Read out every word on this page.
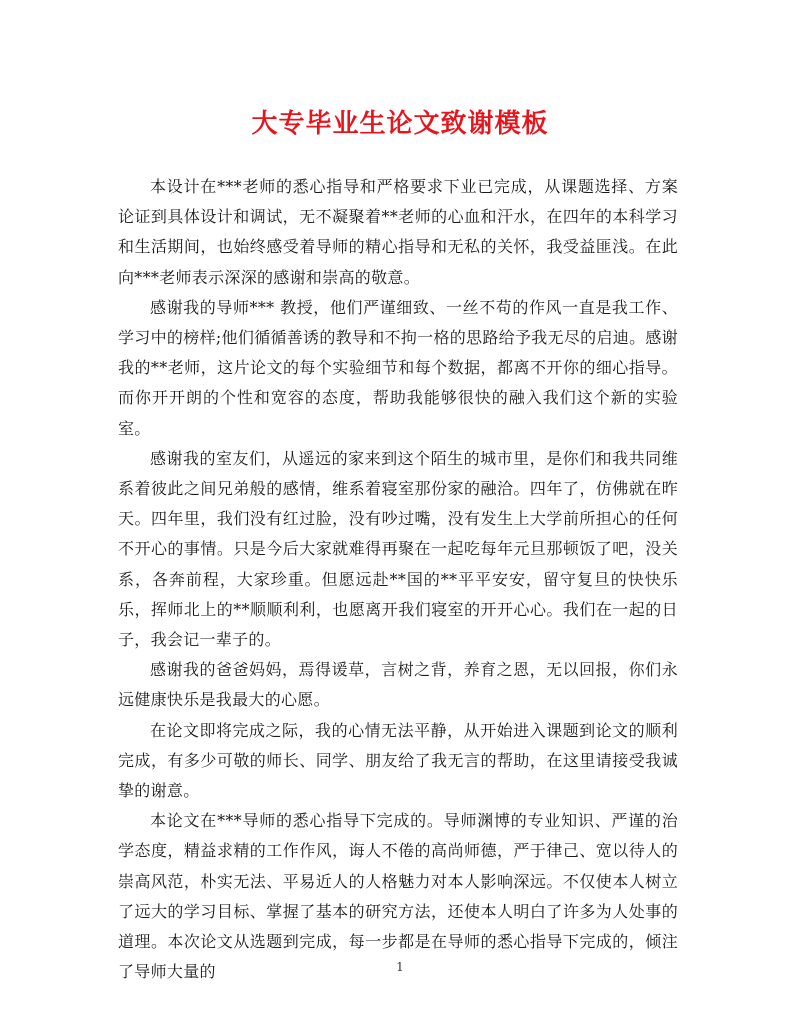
大专毕业生论文致谢模板

本设计在***老师的悉心指导和严格要求下业已完成，从课题选择、方案论证到具体设计和调试，无不凝聚着**老师的心血和汗水，在四年的本科学习和生活期间，也始终感受着导师的精心指导和无私的关怀，我受益匪浅。在此向***老师表示深深的感谢和崇高的敬意。

感谢我的导师*** 教授，他们严谨细致、一丝不苟的作风一直是我工作、学习中的榜样;他们循循善诱的教导和不拘一格的思路给予我无尽的启迪。感谢我的**老师，这片论文的每个实验细节和每个数据，都离不开你的细心指导。而你开开朗的个性和宽容的态度，帮助我能够很快的融入我们这个新的实验室。

感谢我的室友们，从遥远的家来到这个陌生的城市里，是你们和我共同维系着彼此之间兄弟般的感情，维系着寝室那份家的融洽。四年了，仿佛就在昨天。四年里，我们没有红过脸，没有吵过嘴，没有发生上大学前所担心的任何不开心的事情。只是今后大家就难得再聚在一起吃每年元旦那顿饭了吧，没关系，各奔前程，大家珍重。但愿远赴**国的**平平安安，留守复旦的快快乐乐，挥师北上的**顺顺利利，也愿离开我们寝室的开开心心。我们在一起的日子，我会记一辈子的。

感谢我的爸爸妈妈，焉得谖草，言树之背，养育之恩，无以回报，你们永远健康快乐是我最大的心愿。

在论文即将完成之际，我的心情无法平静，从开始进入课题到论文的顺利完成，有多少可敬的师长、同学、朋友给了我无言的帮助，在这里请接受我诚挚的谢意。

本论文在***导师的悉心指导下完成的。导师渊博的专业知识、严谨的治学态度，精益求精的工作作风，诲人不倦的高尚师德，严于律己、宽以待人的崇高风范，朴实无法、平易近人的人格魅力对本人影响深远。不仅使本人树立了远大的学习目标、掌握了基本的研究方法，还使本人明白了许多为人处事的道理。本次论文从选题到完成，每一步都是在导师的悉心指导下完成的，倾注了导师大量的	1
